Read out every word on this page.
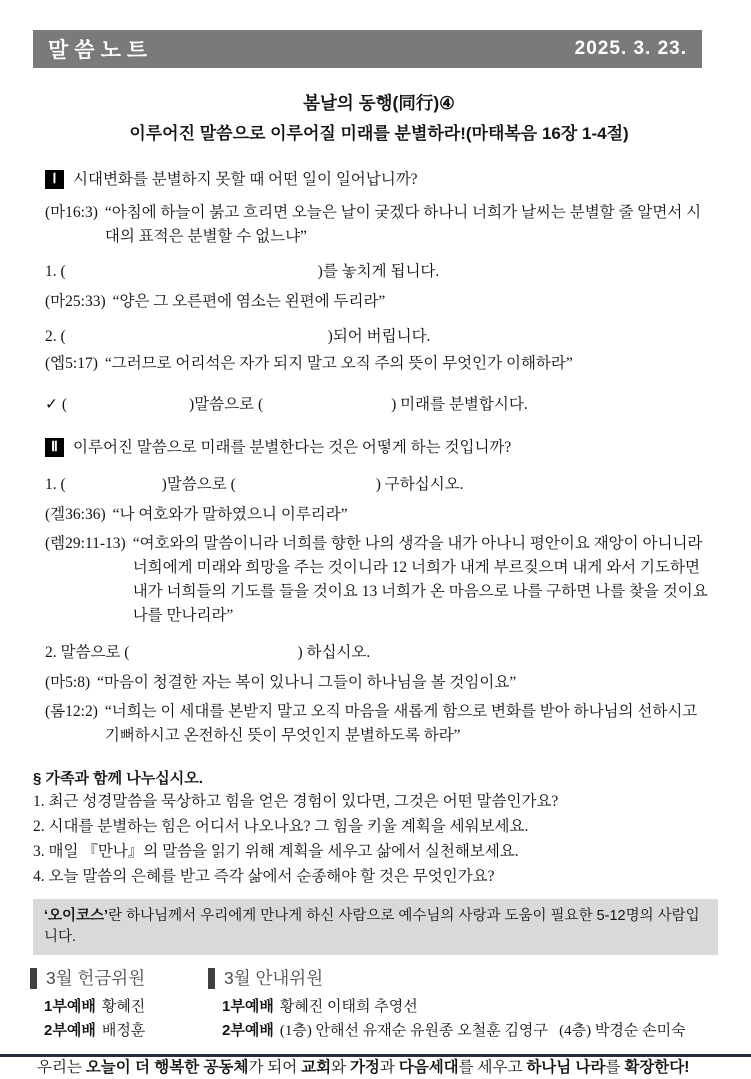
말씀노트	2025. 3. 23.
봄날의 동행(同行)④
이루어진 말씀으로 이루어질 미래를 분별하라!(마태복음 16장 1-4절)
Ⅰ	시대변화를 분별하지 못할 때 어떤 일이 일어납니까?
(마16:3) “아침에 하늘이 붉고 흐리면 오늘은 날이 궂겠다 하나니 너희가 날씨는 분별할 줄 알면서 시대의 표적은 분별할 수 없느냐”
1. (	)를 놓치게 됩니다.
(마25:33) “양은 그 오른편에 염소는 왼편에 두리라”
2. (	)되어 버립니다.
(엡5:17) “그러므로 어리석은 자가 되지 말고 오직 주의 뜻이 무엇인가 이해하라”
✓ (	)말씀으로 (	) 미래를 분별합시다.
Ⅱ 이루어진 말씀으로 미래를 분별한다는 것은 어떻게 하는 것입니까?
1. (	)말씀으로 (	) 구하십시오.
(겔36:36) “나 여호와가 말하였으니 이루리라”
(렘29:11-13) “여호와의 말씀이니라 너희를 향한 나의 생각을 내가 아나니 평안이요 재앙이 아니니라 너희에게 미래와 희망을 주는 것이니라 12 너희가 내게 부르짖으며 내게 와서 기도하면 내가 너희들의 기도를 들을 것이요 13 너희가 온 마음으로 나를 구하면 나를 찾을 것이요 나를 만나리라”
2. 말씀으로 (	) 하십시오.
(마5:8) “마음이 청결한 자는 복이 있나니 그들이 하나님을 볼 것임이요”
(롬12:2) “너희는 이 세대를 본받지 말고 오직 마음을 새롭게 함으로 변화를 받아 하나님의 선하시고 기뻐하시고 온전하신 뜻이 무엇인지 분별하도록 하라”
§ 가족과 함께 나누십시오.
1. 최근 성경말씀을 묵상하고 힘을 얻은 경험이 있다면, 그것은 어떤 말씀인가요?
2. 시대를 분별하는 힘은 어디서 나오나요? 그 힘을 키울 계획을 세워보세요.
3. 매일 『만나』의 말씀을 읽기 위해 계획을 세우고 삶에서 실천해보세요.
4. 오늘 말씀의 은혜를 받고 즉각 삶에서 순종해야 할 것은 무엇인가요?
‘오이코스’란 하나님께서 우리에게 만나게 하신 사람으로 예수님의 사랑과 도움이 필요한 5-12명의 사람입니다.
3월 헌금위원
1부예배 황혜진
2부예배 배정훈
3월 안내위원
1부예배 황혜진 이태희 추영선
2부예배 (1층) 안해선 유재순 유원종 오철훈 김영구   (4층) 박경순 손미숙
우리는 오늘이 더 행복한 공동체가 되어 교회와 가정과 다음세대를 세우고 하나님 나라를 확장한다!
